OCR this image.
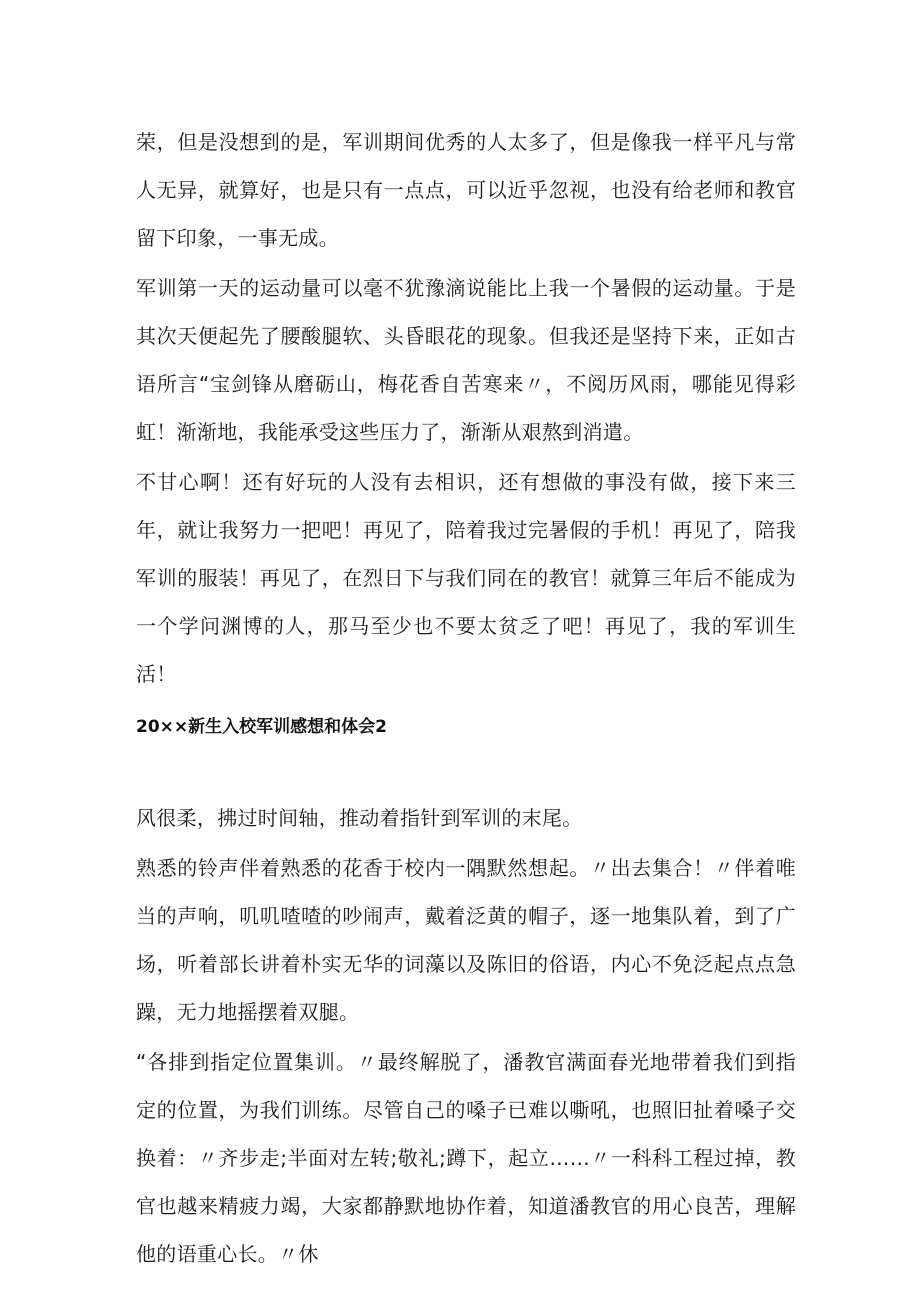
荣，但是没想到的是，军训期间优秀的人太多了，但是像我一样平凡与常人无异，就算好，也是只有一点点，可以近乎忽视，也没有给老师和教官留下印象，一事无成。

军训第一天的运动量可以毫不犹豫滴说能比上我一个暑假的运动量。于是其次天便起先了腰酸腿软、头昏眼花的现象。但我还是坚持下来，正如古语所言“宝剑锋从磨砺山，梅花香自苦寒来〃，不阅历风雨，哪能见得彩虹！渐渐地，我能承受这些压力了，渐渐从艰熬到消遣。

不甘心啊！还有好玩的人没有去相识，还有想做的事没有做，接下来三年，就让我努力一把吧！再见了，陪着我过完暑假的手机！再见了，陪我军训的服装！再见了，在烈日下与我们同在的教官！就算三年后不能成为一个学问渊博的人，那马至少也不要太贫乏了吧！再见了，我的军训生活！

20××新生入校军训感想和体会2

风很柔，拂过时间轴，推动着指针到军训的末尾。

熟悉的铃声伴着熟悉的花香于校内一隅默然想起。〃出去集合！〃伴着唯当的声响，叽叽喳喳的吵闹声，戴着泛黄的帽子，逐一地集队着，到了广场，听着部长讲着朴实无华的词藻以及陈旧的俗语，内心不免泛起点点急躁，无力地摇摆着双腿。

“各排到指定位置集训。〃最终解脱了，潘教官满面春光地带着我们到指定的位置，为我们训练。尽管自己的嗓子已难以嘶吼，也照旧扯着嗓子交换着：〃齐步走;半面对左转;敬礼;蹲下，起立……〃一科科工程过掉，教官也越来精疲力竭，大家都静默地协作着，知道潘教官的用心良苦，理解他的语重心长。〃休
